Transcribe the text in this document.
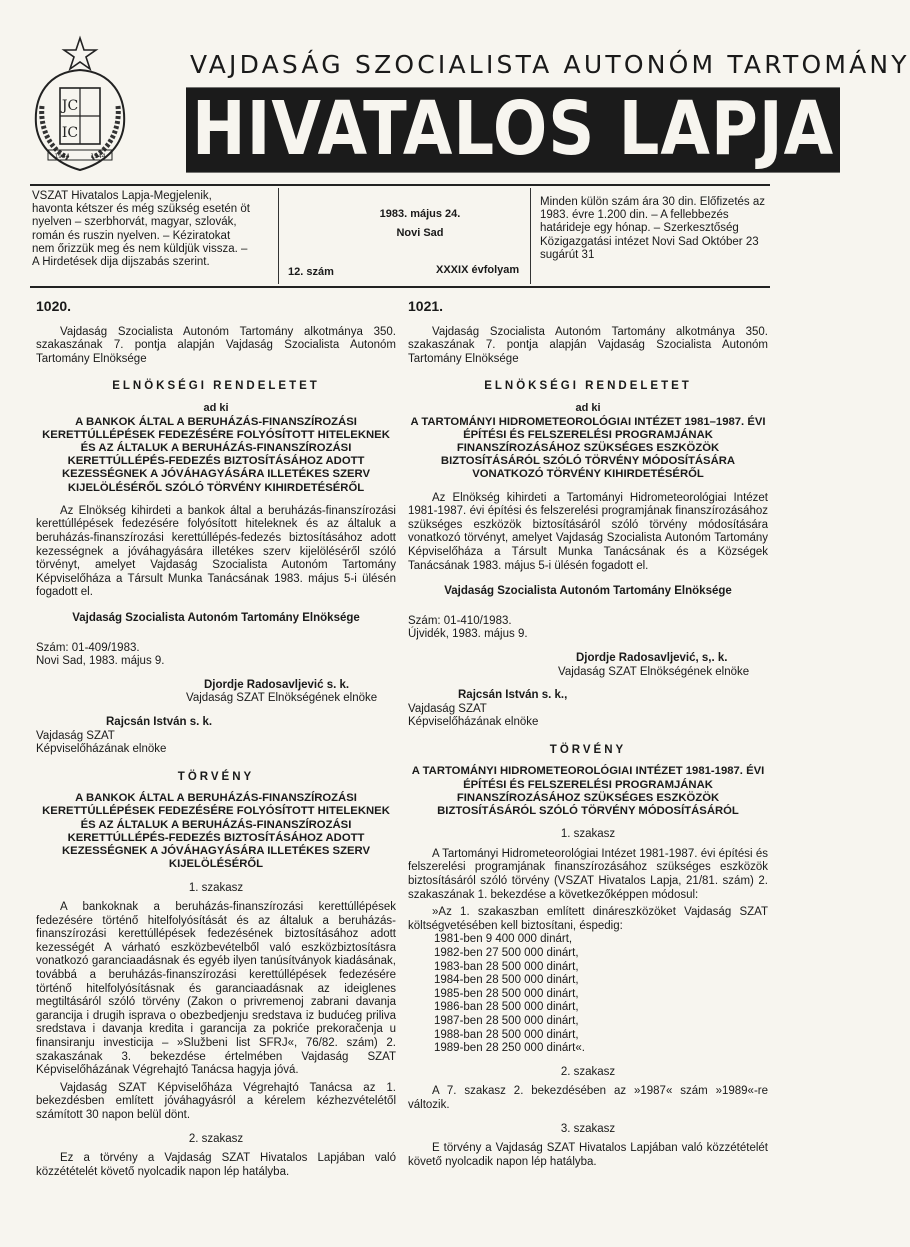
ЈС
ІС
1944	1944
VAJDASÁG SZOCIALISTA AUTONÓM TARTOMÁNY
HIVATALOS LAPJA
VSZAT Hivatalos Lapja-Megjelenik, havonta kétszer és még szükség esetén öt nyelven – szerbhorvát, magyar, szlovák, román és ruszin nyelven. – Kéziratokat nem őrizzük meg és nem küldjük vissza. – A Hirdetések dija dijszabás szerint.
1983. május 24.
Novi Sad
12. szám	XXXIX évfolyam
Minden külön szám ára 30 din. Előfizetés az 1983. évre 1.200 din. – A fellebbezés határideje egy hónap. – Szerkesztőség Közigazgatási intézet Novi Sad Október 23 sugárút 31
1020.

Vajdaság Szocialista Autonóm Tartomány alkotmánya 350. szakaszának 7. pontja alapján Vajdaság Szocialista Autonóm Tartomány Elnöksége

ELNÖKSÉGI RENDELETET
ad ki
A BANKOK ÁLTAL A BERUHÁZÁS-FINANSZÍROZÁSI KERETTÚLLÉPÉSEK FEDEZÉSÉRE FOLYÓSÍTOTT HITELEKNEK ÉS AZ ÁLTALUK A BERUHÁZÁS-FINANSZÍROZÁSI KERETTÚLLÉPÉS-FEDEZÉS BIZTOSÍTÁSÁHOZ ADOTT KEZESSÉGNEK A JÓVÁHAGYÁSÁRA ILLETÉKES SZERV KIJELÖLÉSÉRŐL SZÓLÓ TÖRVÉNY KIHIRDETÉSÉRŐL

Az Elnökség kihirdeti a bankok által a beruházás-finanszírozási kerettúllépések fedezésére folyósított hiteleknek és az általuk a beruházás-finanszírozási kerettúllépés-fedezés biztosításához adott kezességnek a jóváhagyására illetékes szerv kijelöléséről szóló törvényt, amelyet Vajdaság Szocialista Autonóm Tartomány Képviselőháza a Társult Munka Tanácsának 1983. május 5-i ülésén fogadott el.

Vajdaság Szocialista Autonóm Tartomány Elnöksége
Szám: 01-409/1983.
Novi Sad, 1983. május 9.
Djordje Radosavljević s. k.
Vajdaság SZAT Elnökségének elnöke
Rajcsán István s. k.

Vajdaság SZAT Képviselőházának elnöke
TÖRVÉNY
A BANKOK ÁLTAL A BERUHÁZÁS-FINANSZÍROZÁSI KERETTÚLLÉPÉSEK FEDEZÉSÉRE FOLYÓSÍTOTT HITELEKNEK ÉS AZ ÁLTALUK A BERUHÁZÁS-FINANSZÍROZÁSI KERETTÚLLÉPÉS-FEDEZÉS BIZTOSÍTÁSÁHOZ ADOTT KEZESSÉGNEK A JÓVÁHAGYÁSÁRA ILLETÉKES SZERV KIJELÖLÉSÉRŐL
1. szakasz

A bankoknak a beruházás-finanszírozási kerettúllépések fedezésére történő hitelfolyósítását és az általuk a beruházás-finanszírozási kerettúllépések fedezésének biztosításához adott kezességét A várható eszközbevételből való eszközbiztosításra vonatkozó garanciaadásnak és egyéb ilyen tanúsítványok kiadásának, továbbá a beruházás-finanszírozási kerettúllépések fedezésére történő hitelfolyósításnak és garanciaadásnak az ideiglenes megtiltásáról szóló törvény (Zakon o privremenoj zabrani davanja garancija i drugih isprava o obezbedjenju sredstava iz budućeg priliva sredstava i davanja kredita i garancija za pokriće prekoračenja u finansiranju investicija – »Službeni list SFRJ«, 76/82. szám) 2. szakaszának 3. bekezdése értelmében Vajdaság SZAT Képviselőházának Végrehajtó Tanácsa hagyja jóvá.

Vajdaság SZAT Képviselőháza Végrehajtó Tanácsa az 1. bekezdésben említett jóváhagyásról a kérelem kézhezvételétől számított 30 napon belül dönt.

2. szakasz

Ez a törvény a Vajdaság SZAT Hivatalos Lapjában való közzétételét követő nyolcadik napon lép hatályba.

1021.

Vajdaság Szocialista Autonóm Tartomány alkotmánya 350. szakaszának 7. pontja alapján Vajdaság Szocialista Autonóm Tartomány Elnöksége

ELNÖKSÉGI RENDELETET
ad ki
A TARTOMÁNYI HIDROMETEOROLÓGIAI INTÉZET 1981–1987. ÉVI ÉPÍTÉSI ÉS FELSZERELÉSI PROGRAMJÁNAK FINANSZÍROZÁSÁHOZ SZÜKSÉGES ESZKÖZÖK BIZTOSÍTÁSÁRÓL SZÓLÓ TÖRVÉNY MÓDOSÍTÁSÁRA VONATKOZÓ TÖRVÉNY KIHIRDETÉSÉRŐL

Az Elnökség kihirdeti a Tartományi Hidrometeorológiai Intézet 1981-1987. évi építési és felszerelési programjának finanszírozásához szükséges eszközök biztosításáról szóló törvény módosítására vonatkozó törvényt, amelyet Vajdaság Szocialista Autonóm Tartomány Képviselőháza a Társult Munka Tanácsának és a Községek Tanácsának 1983. május 5-i ülésén fogadott el.

Vajdaság Szocialista Autonóm Tartomány Elnöksége
Szám: 01-410/1983.
Újvidék, 1983. május 9.
Djordje Radosavljević, s,. k.
Vajdaság SZAT Elnökségének elnöke
Rajcsán István s. k.,

Vajdaság SZAT Képviselőházának elnöke
TÖRVÉNY
A TARTOMÁNYI HIDROMETEOROLÓGIAI INTÉZET 1981-1987. ÉVI ÉPÍTÉSI ÉS FELSZERELÉSI PROGRAMJÁNAK FINANSZÍROZÁSÁHOZ SZÜKSÉGES ESZKÖZÖK BIZTOSÍTÁSÁRÓL SZÓLÓ TÖRVÉNY MÓDOSÍTÁSÁRÓL
1. szakasz

A Tartományi Hidrometeorológiai Intézet 1981-1987. évi építési és felszerelési programjának finanszírozásához szükséges eszközök biztosításáról szóló törvény (VSZAT Hivatalos Lapja, 21/81. szám) 2. szakaszának 1. bekezdése a következőképpen módosul:

»Az 1. szakaszban említett dináreszközöket Vajdaság SZAT költségvetésében kell biztosítani, éspedig:
1981-ben 9 400 000 dinárt,
1982-ben 27 500 000 dinárt,
1983-ban 28 500 000 dinárt,
1984-ben 28 500 000 dinárt,
1985-ben 28 500 000 dinárt,
1986-ban 28 500 000 dinárt,
1987-ben 28 500 000 dinárt,
1988-ban 28 500 000 dinárt,
1989-ben 28 250 000 dinárt«.
2. szakasz

A 7. szakasz 2. bekezdésében az »1987« szám »1989«-re változik.

3. szakasz

E törvény a Vajdaság SZAT Hivatalos Lapjában való közzétételét követő nyolcadik napon lép hatályba.
